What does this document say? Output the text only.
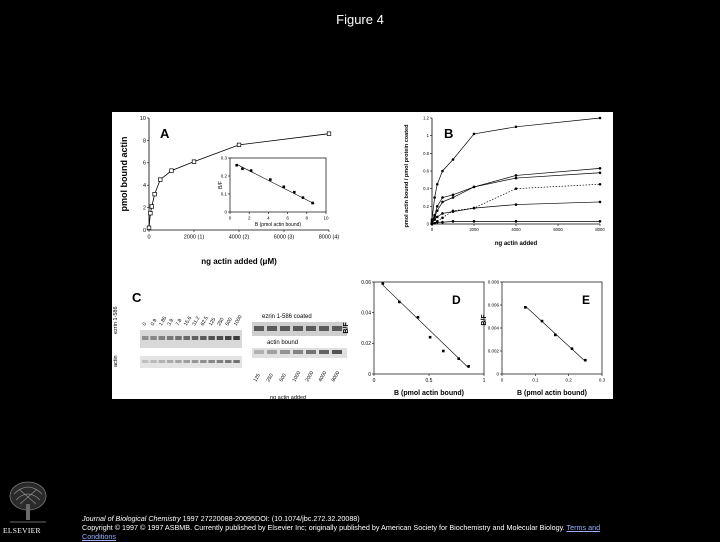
Figure 4
C
0 0.9 1.85
3.9 7.8 15.6
31.2
62.5
125
250
500
1000
125 250 500 1000 2000 4000 8000
ezrin 1-586
actin
ezrin 1-586 coated
actin bound
ng actin added
0	2000 (1)	4000 (2)	6000 (3)	8000 (4)
0
2
4
6
8
10
A
pmol bound actin
ng actin added (μM)
0	2	4	6	8	10
0
0.1
0.2
0.3
B/F
B (pmol actin bound)
0	2000	4000	6000	8000
0
0.2
0.4
0.6
0.8
1
1.2
B
pmol actin bound / pmol protein coated
ng actin added
0	0.5	1
0
0.02
0.04
0.06
D
B/F
B (pmol actin bound)
0	0.1	0.2	0.3
0
0.002
0.004
0.006
0.008
E
B/F
B (pmol actin bound)
ELSEVIER
Journal of Biological Chemistry 1997 27220088-20095DOI: (10.1074/jbc.272.32.20088)
Copyright © 1997 © 1997 ASBMB. Currently published by Elsevier Inc; originally published by American Society for Biochemistry and Molecular Biology. Terms and Conditions
